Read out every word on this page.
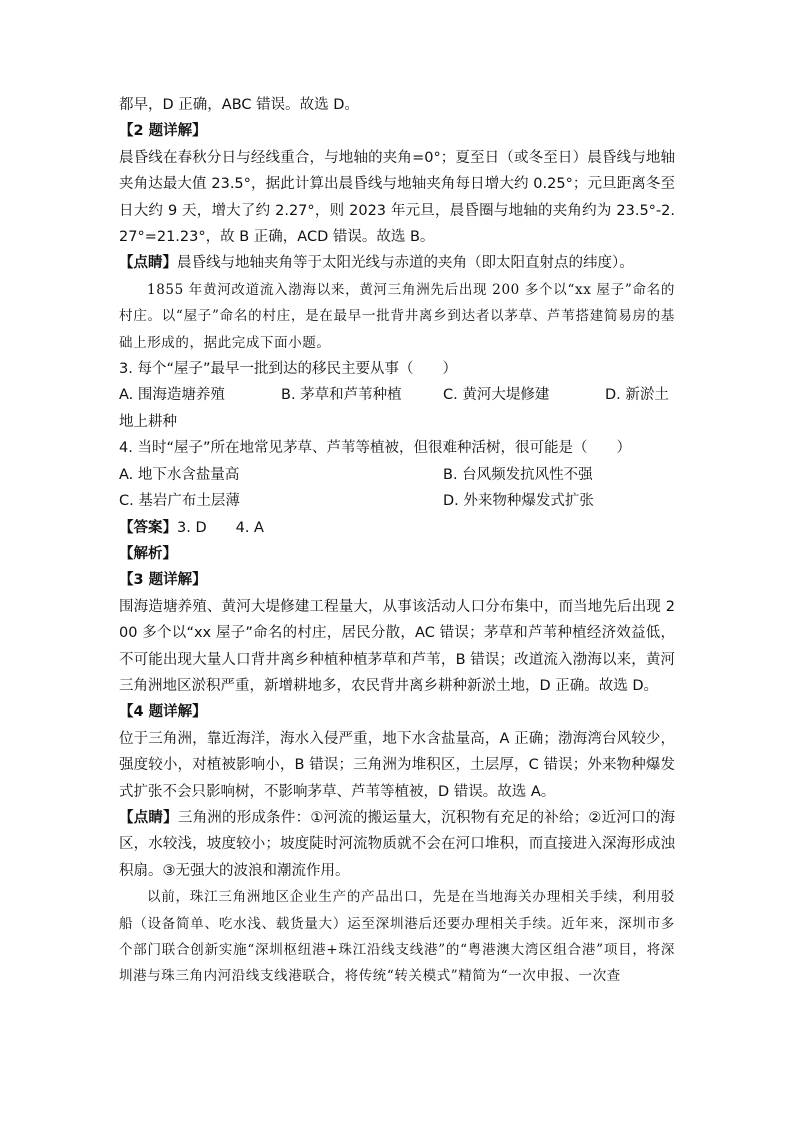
都早，D 正确，ABC 错误。故选 D。

【2 题详解】

晨昏线在春秋分日与经线重合，与地轴的夹角=0°；夏至日（或冬至日）晨昏线与地轴夹角达最大值 23.5°，据此计算出晨昏线与地轴夹角每日增大约 0.25°；元旦距离冬至日大约 9 天，增大了约 2.27°，则 2023 年元旦，晨昏圈与地轴的夹角约为 23.5°-2.27°=21.23°，故 B 正确，ACD 错误。故选 B。

【点睛】晨昏线与地轴夹角等于太阳光线与赤道的夹角（即太阳直射点的纬度）。

1855 年黄河改道流入渤海以来，黄河三角洲先后出现 200 多个以“xx 屋子”命名的村庄。以“屋子”命名的村庄，是在最早一批背井离乡到达者以茅草、芦苇搭建简易房的基础上形成的，据此完成下面小题。

3. 每个“屋子”最早一批到达的移民主要从事（　　）

A. 围海造塘养殖	B. 茅草和芦苇种植	C. 黄河大堤修建	D. 新淤土

地上耕种

4. 当时“屋子”所在地常见茅草、芦苇等植被，但很难种活树，很可能是（　　）

A. 地下水含盐量高	B. 台风频发抗风性不强
C. 基岩广布土层薄	D. 外来物种爆发式扩张

【答案】3. D　　4. A

【解析】

【3 题详解】

围海造塘养殖、黄河大堤修建工程量大，从事该活动人口分布集中，而当地先后出现 200 多个以“xx 屋子”命名的村庄，居民分散，AC 错误；茅草和芦苇种植经济效益低，不可能出现大量人口背井离乡种植种植茅草和芦苇，B 错误；改道流入渤海以来，黄河三角洲地区淤积严重，新增耕地多，农民背井离乡耕种新淤土地，D 正确。故选 D。

【4 题详解】

位于三角洲，靠近海洋，海水入侵严重，地下水含盐量高，A 正确；渤海湾台风较少，强度较小，对植被影响小，B 错误；三角洲为堆积区，土层厚，C 错误；外来物种爆发式扩张不会只影响树，不影响茅草、芦苇等植被，D 错误。故选 A。

【点睛】三角洲的形成条件：①河流的搬运量大，沉积物有充足的补给；②近河口的海区，水较浅，坡度较小；坡度陡时河流物质就不会在河口堆积，而直接进入深海形成浊积扇。③无强大的波浪和潮流作用。

以前，珠江三角洲地区企业生产的产品出口，先是在当地海关办理相关手续，利用驳船（设备简单、吃水浅、载货量大）运至深圳港后还要办理相关手续。近年来，深圳市多个部门联合创新实施“深圳枢纽港+珠江沿线支线港”的“粤港澳大湾区组合港”项目，将深圳港与珠三角内河沿线支线港联合，将传统“转关模式”精简为“一次申报、一次查
